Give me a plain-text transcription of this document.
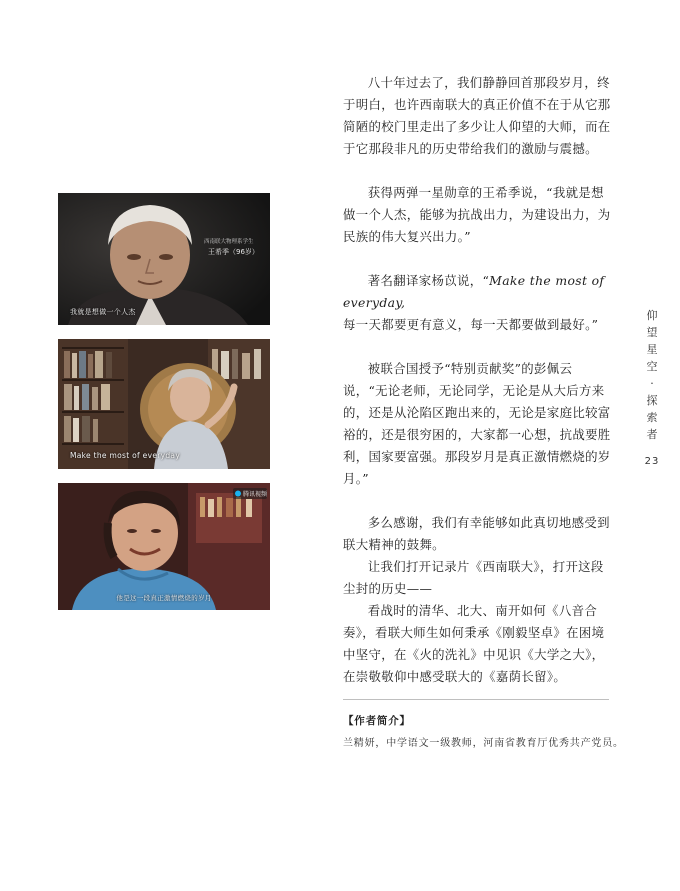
西南联大物理系学生
王希季（96岁）
我就是想做一个人杰
Make the most of everyday
腾讯视频
他是这一段真正激情燃烧的岁月

八十年过去了，我们静静回首那段岁月，终于明白，也许西南联大的真正价值不在于从它那简陋的校门里走出了多少让人仰望的大师，而在于它那段非凡的历史带给我们的激励与震撼。

获得两弹一星勋章的王希季说，“我就是想做一个人杰，能够为抗战出力，为建设出力，为民族的伟大复兴出力。”

著名翻译家杨苡说，“Make the most of everyday,
每一天都要更有意义，每一天都要做到最好。”

被联合国授予“特别贡献奖”的彭佩云说，“无论老师，无论同学，无论是从大后方来的，还是从沦陷区跑出来的，无论是家庭比较富裕的，还是很穷困的，大家都一心想，抗战要胜利，国家要富强。那段岁月是真正激情燃烧的岁月。”

多么感谢，我们有幸能够如此真切地感受到联大精神的鼓舞。

让我们打开记录片《西南联大》，打开这段尘封的历史——

看战时的清华、北大、南开如何《八音合奏》，看联大师生如何秉承《刚毅坚卓》在困境中坚守，在《火的洗礼》中见识《大学之大》，在崇敬敬仰中感受联大的《嘉荫长留》。

【作者简介】
兰精妍，中学语文一级教师，河南省教育厅优秀共产党员。
仰
望
星
空
·
探
索
者
23
